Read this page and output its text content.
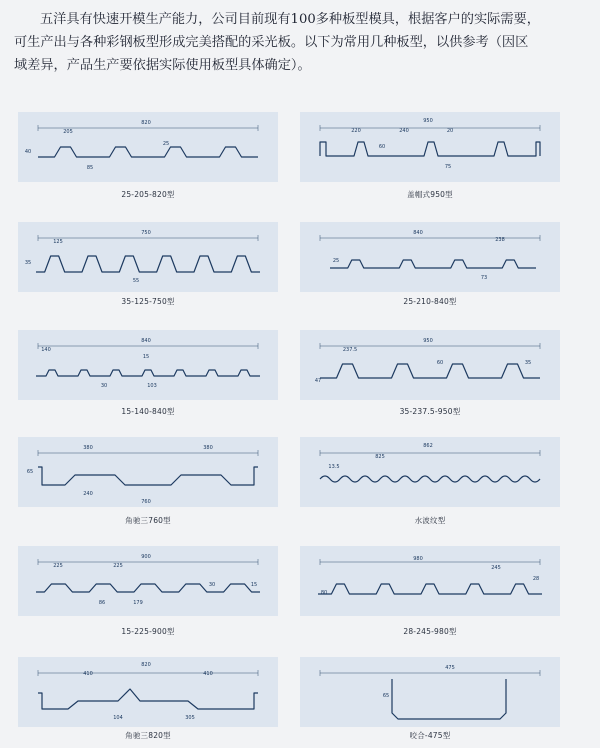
五洋具有快速开模生产能力，公司目前现有100多种板型模具，根据客户的实际需要，

可生产出与各种彩钢板型形成完美搭配的采光板。以下为常用几种板型，以供参考（因区

域差异，产品生产要依据实际使用板型具体确定）。

820
205
25
85
40
25-205-820型
950
220	240	20
75
60
盖帽式950型
750
125
35
55
35-125-750型
840
238
25
73
25-210-840型
840
140
15
30	103
15-140-840型
950
237.5
35
47
60
35-237.5-950型
380	380
240
760
65
角驰三760型
862
825
13.5
水波纹型
900
225	225
15
86	179
30
15-225-900型
980
245
28
80
28-245-980型
820
410	410
104	305
角驰三820型
475
65
咬合-475型
